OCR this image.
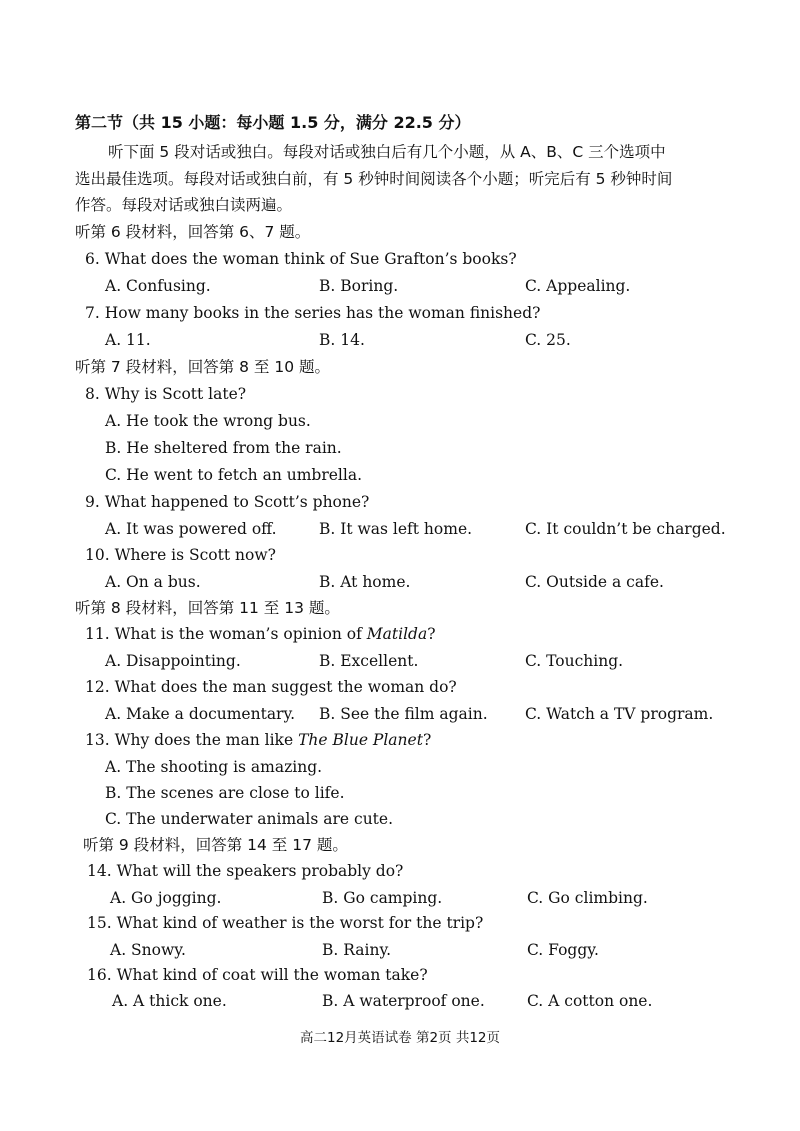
第二节（共 15 小题：每小题 1.5 分，满分 22.5 分）
听下面 5 段对话或独白。每段对话或独白后有几个小题，从 A、B、C 三个选项中
选出最佳选项。每段对话或独白前，有 5 秒钟时间阅读各个小题；听完后有 5 秒钟时间
作答。每段对话或独白读两遍。
听第 6 段材料，回答第 6、7 题。
6. What does the woman think of Sue Grafton’s books?
A. Confusing.	B. Boring.	C. Appealing.
7. How many books in the series has the woman finished?
A. 11.	B. 14.	C. 25.
听第 7 段材料，回答第 8 至 10 题。
8. Why is Scott late?
A. He took the wrong bus.
B. He sheltered from the rain.
C. He went to fetch an umbrella.
9. What happened to Scott’s phone?
A. It was powered off.	B. It was left home.	C. It couldn’t be charged.
10. Where is Scott now?
A. On a bus.	B. At home.	C. Outside a cafe.
听第 8 段材料，回答第 11 至 13 题。
11. What is the woman’s opinion of Matilda?
A. Disappointing.	B. Excellent.	C. Touching.
12. What does the man suggest the woman do?
A. Make a documentary. B. See the film again. C. Watch a TV program.
13. Why does the man like The Blue Planet?
A. The shooting is amazing.
B. The scenes are close to life.
C. The underwater animals are cute.
听第 9 段材料，回答第 14 至 17 题。
14. What will the speakers probably do?
A. Go jogging.	B. Go camping.	C. Go climbing.
15. What kind of weather is the worst for the trip?
A. Snowy.	B. Rainy.	C. Foggy.
16. What kind of coat will the woman take?
A. A thick one.	B. A waterproof one.	C. A cotton one.
高二12月英语试卷 第2页 共12页
